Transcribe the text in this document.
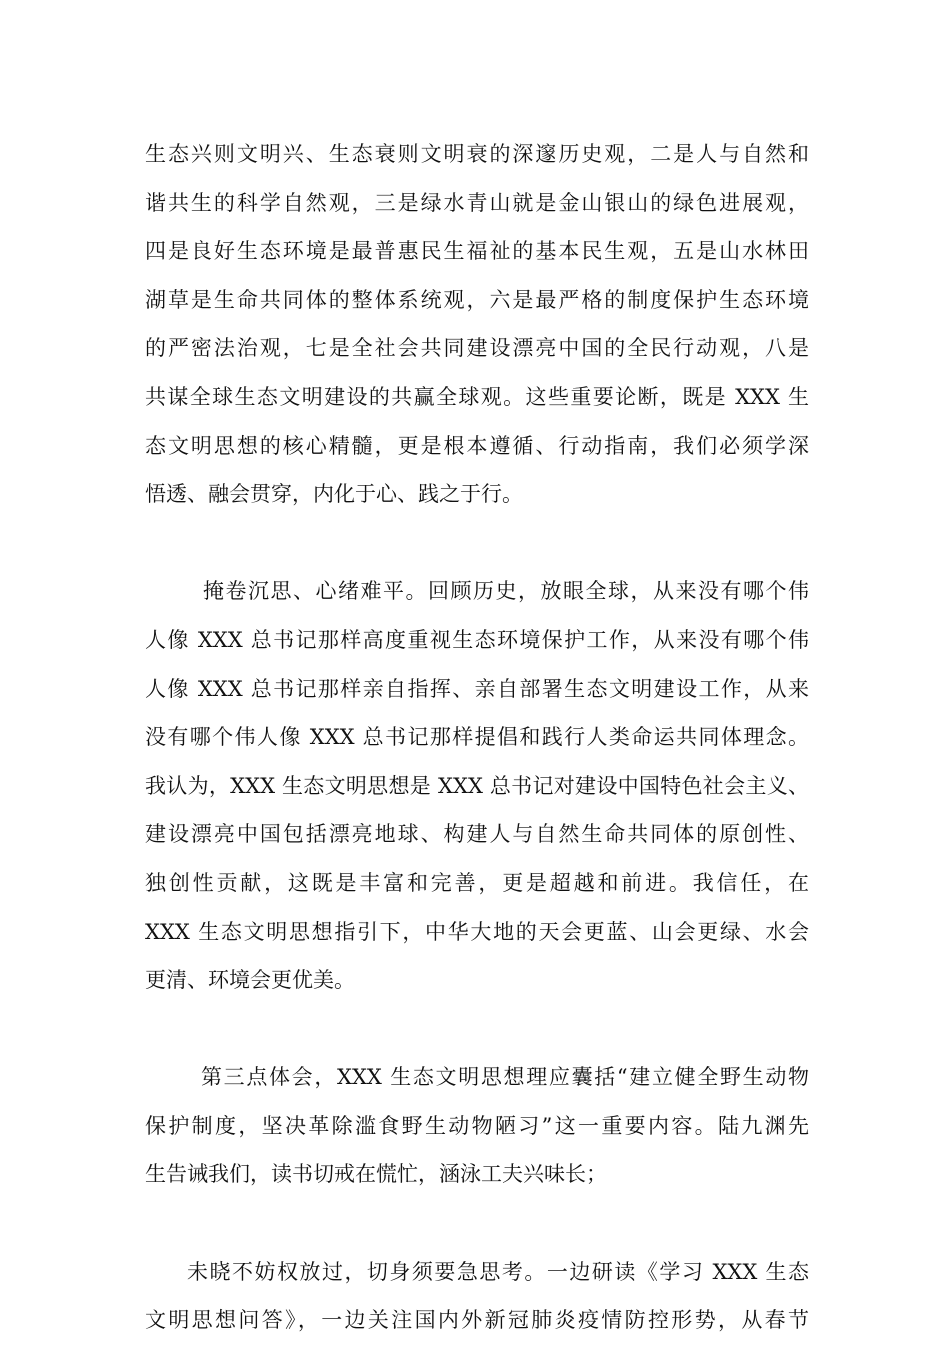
生态兴则文明兴、生态衰则文明衰的深邃历史观，二是人与自然和
谐共生的科学自然观，三是绿水青山就是金山银山的绿色进展观，
四是良好生态环境是最普惠民生福祉的基本民生观，五是山水林田
湖草是生命共同体的整体系统观，六是最严格的制度保护生态环境
的严密法治观，七是全社会共同建设漂亮中国的全民行动观，八是
共谋全球生态文明建设的共赢全球观。这些重要论断，既是 XXX 生
态文明思想的核心精髓，更是根本遵循、行动指南，我们必须学深
悟透、融会贯穿，内化于心、践之于行。
掩卷沉思、心绪难平。回顾历史，放眼全球，从来没有哪个伟
人像 XXX 总书记那样高度重视生态环境保护工作，从来没有哪个伟
人像 XXX 总书记那样亲自指挥、亲自部署生态文明建设工作，从来
没有哪个伟人像 XXX 总书记那样提倡和践行人类命运共同体理念。
我认为，XXX 生态文明思想是 XXX 总书记对建设中国特色社会主义、
建设漂亮中国包括漂亮地球、构建人与自然生命共同体的原创性、
独创性贡献，这既是丰富和完善，更是超越和前进。我信任，在
XXX 生态文明思想指引下，中华大地的天会更蓝、山会更绿、水会
更清、环境会更优美。
第三点体会，XXX 生态文明思想理应囊括“建立健全野生动物
保护制度，坚决革除滥食野生动物陋习”这一重要内容。陆九渊先
生告诫我们，读书切戒在慌忙，涵泳工夫兴味长；
未晓不妨权放过，切身须要急思考。一边研读《学习 XXX 生态
文明思想问答》，一边关注国内外新冠肺炎疫情防控形势，从春节
